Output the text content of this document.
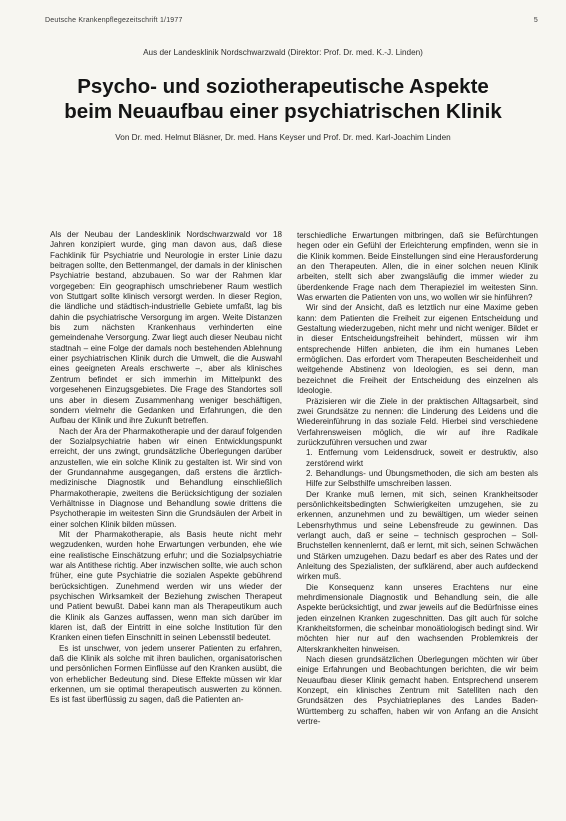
Deutsche Krankenpflegezeitschrift 1/1977	5
Aus der Landesklinik Nordschwarzwald (Direktor: Prof. Dr. med. K.-J. Linden)
Psycho- und soziotherapeutische Aspekte
beim Neuaufbau einer psychiatrischen Klinik
Von Dr. med. Helmut Bläsner, Dr. med. Hans Keyser und Prof. Dr. med. Karl-Joachim Linden

Als der Neubau der Landesklinik Nordschwarzwald vor 18 Jahren konzipiert wurde, ging man davon aus, daß diese Fachklinik für Psychiatrie und Neurologie in erster Linie dazu beitragen sollte, den Bettenmangel, der damals in der klinischen Psychiatrie bestand, abzubauen. So war der Rahmen klar vorgegeben: Ein geographisch umschriebener Raum westlich von Stuttgart sollte klinisch versorgt werden. In dieser Region, die ländliche und städtisch-industrielle Gebiete umfaßt, lag bis dahin die psychiatrische Versorgung im argen. Weite Distanzen bis zum nächsten Krankenhaus verhinderten eine gemeindenahe Versorgung. Zwar liegt auch dieser Neubau nicht stadtnah – eine Folge der damals noch bestehenden Ablehnung einer psychiatrischen Klinik durch die Umwelt, die die Auswahl eines geeigneten Areals erschwerte –, aber als klinisches Zentrum befindet er sich immerhin im Mittelpunkt des vorgesehenen Einzugsgebietes. Die Frage des Standortes soll uns aber in diesem Zusammenhang weniger beschäftigen, sondern vielmehr die Gedanken und Erfahrungen, die den Aufbau der Klinik und ihre Zukunft betreffen.

Nach der Ära der Pharmakotherapie und der darauf folgenden der Sozialpsychiatrie haben wir einen Entwicklungspunkt erreicht, der uns zwingt, grundsätzliche Überlegungen darüber anzustellen, wie ein solche Klinik zu gestalten ist. Wir sind von der Grundannahme ausgegangen, daß erstens die ärztlich-medizinische Diagnostik und Behandlung einschließlich Pharmakotherapie, zweitens die Berücksichtigung der sozialen Verhältnisse in Diagnose und Behandlung sowie drittens die Psychotherapie im weitesten Sinn die Grundsäulen der Arbeit in einer solchen Klinik bilden müssen.

Mit der Pharmakotherapie, als Basis heute nicht mehr wegzudenken, wurden hohe Erwartungen verbunden, ehe wie eine realistische Einschätzung erfuhr; und die Sozialpsychiatrie war als Antithese richtig. Aber inzwischen sollte, wie auch schon früher, eine gute Psychiatrie die sozialen Aspekte gebührend berücksichtigen. Zunehmend werden wir uns wieder der psychischen Wirksamkeit der Beziehung zwischen Therapeut und Patient bewußt. Dabei kann man als Therapeutikum auch die Klinik als Ganzes auffassen, wenn man sich darüber im klaren ist, daß der Eintritt in eine solche Institution für den Kranken einen tiefen Einschnitt in seinen Lebensstil bedeutet.

Es ist unschwer, von jedem unserer Patienten zu erfahren, daß die Klinik als solche mit ihren baulichen, organisatorischen und persönlichen Formen Einflüsse auf den Kranken ausübt, die von erheblicher Bedeutung sind. Diese Effekte müssen wir klar erkennen, um sie optimal therapeutisch auswerten zu können. Es ist fast überflüssig zu sagen, daß die Patienten an-

terschiedliche Erwartungen mitbringen, daß sie Befürchtungen hegen oder ein Gefühl der Erleichterung empfinden, wenn sie in die Klinik kommen. Beide Einstellungen sind eine Herausforderung an den Therapeuten. Allen, die in einer solchen neuen Klinik arbeiten, stellt sich aber zwangsläufig die immer wieder zu überdenkende Frage nach dem Therapieziel im weitesten Sinn. Was erwarten die Patienten von uns, wo wollen wir sie hinführen?

Wir sind der Ansicht, daß es letztlich nur eine Maxime geben kann: dem Patienten die Freiheit zur eigenen Entscheidung und Gestaltung wiederzugeben, nicht mehr und nicht weniger. Bildet er in dieser Entscheidungsfreiheit behindert, müssen wir ihm entsprechende Hilfen anbieten, die ihm ein humanes Leben ermöglichen. Das erfordert vom Therapeuten Bescheidenheit und weitgehende Abstinenz von Ideologien, es sei denn, man bezeichnet die Freiheit der Entscheidung des einzelnen als Ideologie.

Präzisieren wir die Ziele in der praktischen Alltagsarbeit, sind zwei Grundsätze zu nennen: die Linderung des Leidens und die Wiedereinführung in das soziale Feld. Hierbei sind verschiedene Verfahrensweisen möglich, die wir auf ihre Radikale zurückzuführen versuchen und zwar

1. Entfernung vom Leidensdruck, soweit er destruktiv, also zerstörend wirkt

2. Behandlungs- und Übungsmethoden, die sich am besten als Hilfe zur Selbsthilfe umschreiben lassen.

Der Kranke muß lernen, mit sich, seinen Krankheitsoder persönlichkeitsbedingten Schwierigkeiten umzugehen, sie zu erkennen, anzunehmen und zu bewältigen, um wieder seinen Lebensrhythmus und seine Lebensfreude zu gewinnen. Das verlangt auch, daß er seine – technisch gesprochen – Soll-Bruchstellen kennenlernt, daß er lernt, mit sich, seinen Schwächen und Stärken umzugehen. Dazu bedarf es aber des Rates und der Anleitung des Spezialisten, der sufklärend, aber auch aufdeckend wirken muß.

Die Konsequenz kann unseres Erachtens nur eine mehrdimensionale Diagnostik und Behandlung sein, die alle Aspekte berücksichtigt, und zwar jeweils auf die Bedürfnisse eines jeden einzelnen Kranken zugeschnitten. Das gilt auch für solche Krankheitsformen, die scheinbar monoätiologisch bedingt sind. Wir möchten hier nur auf den wachsenden Problemkreis der Alterskrankheiten hinweisen.

Nach diesen grundsätzlichen Überlegungen möchten wir über einige Erfahrungen und Beobachtungen berichten, die wir beim Neuaufbau dieser Klinik gemacht haben. Entsprechend unserem Konzept, ein klinisches Zentrum mit Satelliten nach den Grundsätzen des Psychiatrieplanes des Landes Baden-Württemberg zu schaffen, haben wir von Anfang an die Ansicht vertre-
